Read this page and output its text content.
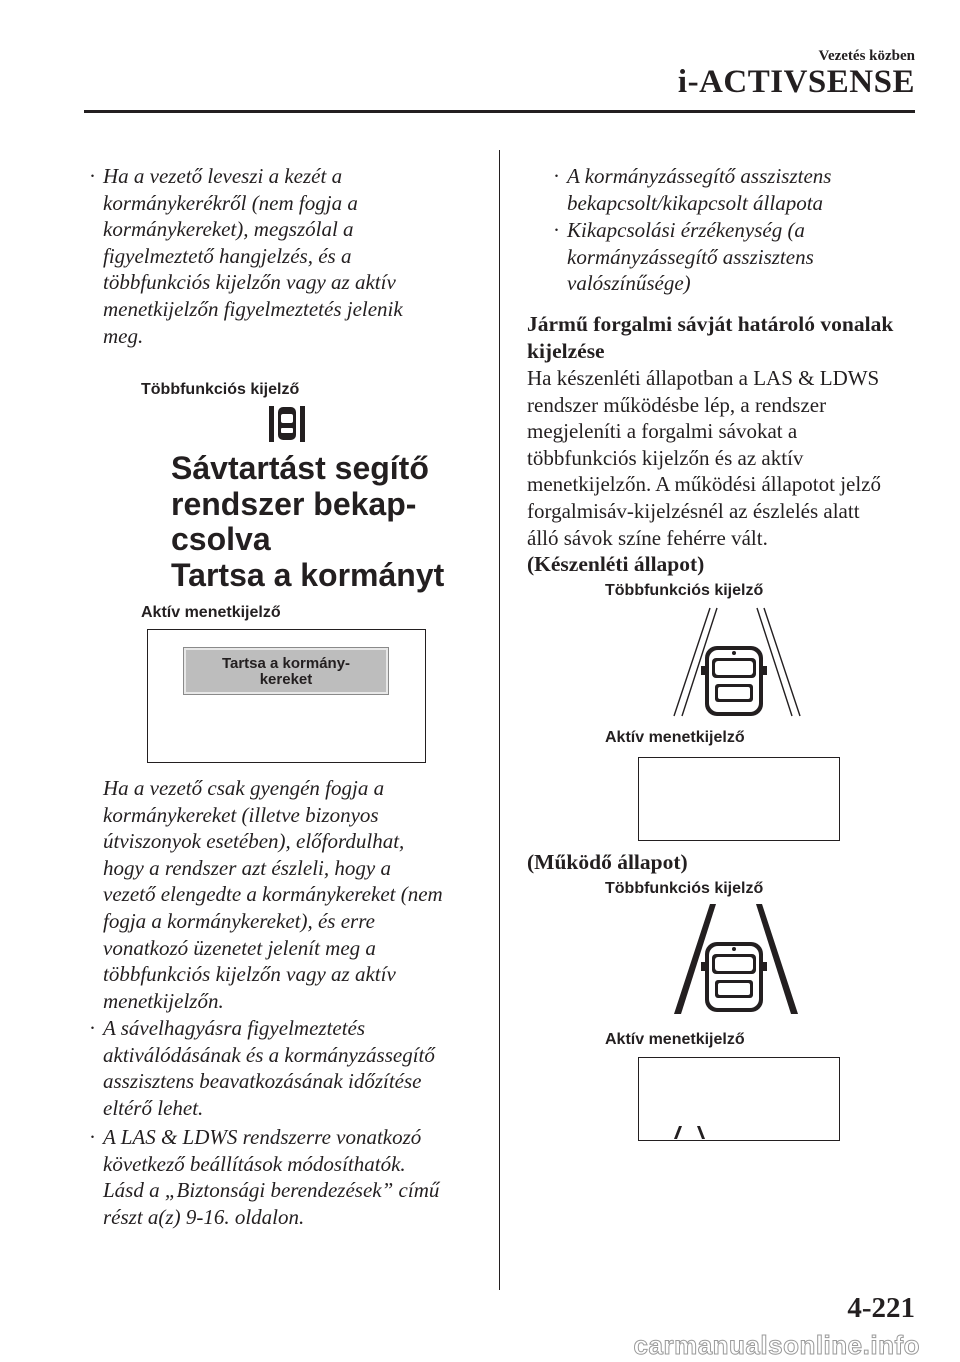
Vezetés közben
i-ACTIVSENSE
· Ha a vezető leveszi a kezét a
kormánykerékről (nem fogja a
kormánykereket), megszólal a
figyelmeztető hangjelzés, és a
többfunkciós kijelzőn vagy az aktív
menetkijelzőn figyelmeztetés jelenik
meg.
Többfunkciós kijelző
Sávtartást segítő
rendszer bekap-
csolva
Tartsa a kormányt
Aktív menetkijelző
Tartsa a kormány-
kereket
Ha a vezető csak gyengén fogja a
kormánykereket (illetve bizonyos
útviszonyok esetében), előfordulhat,
hogy a rendszer azt észleli, hogy a
vezető elengedte a kormánykereket (nem
fogja a kormánykereket), és erre
vonatkozó üzenetet jelenít meg a
többfunkciós kijelzőn vagy az aktív
menetkijelzőn.
· A sávelhagyásra figyelmeztetés
aktiválódásának és a kormányzássegítő
asszisztens beavatkozásának időzítése
eltérő lehet.
· A LAS & LDWS rendszerre vonatkozó
következő beállítások módosíthatók.
Lásd a „Biztonsági berendezések” című
részt a(z) 9-16. oldalon.
· A kormányzássegítő asszisztens
bekapcsolt/kikapcsolt állapota
· Kikapcsolási érzékenység (a
kormányzássegítő asszisztens
valószínűsége)
Jármű forgalmi sávját határoló vonalak
kijelzése
Ha készenléti állapotban a LAS & LDWS
rendszer működésbe lép, a rendszer
megjeleníti a forgalmi sávokat a
többfunkciós kijelzőn és az aktív
menetkijelzőn. A működési állapotot jelző
forgalmisáv-kijelzésnél az észlelés alatt
álló sávok színe fehérre vált.
(Készenléti állapot)
Többfunkciós kijelző
Aktív menetkijelző
(Működő állapot)
Többfunkciós kijelző
Aktív menetkijelző
4-221
carmanualsonline.info
